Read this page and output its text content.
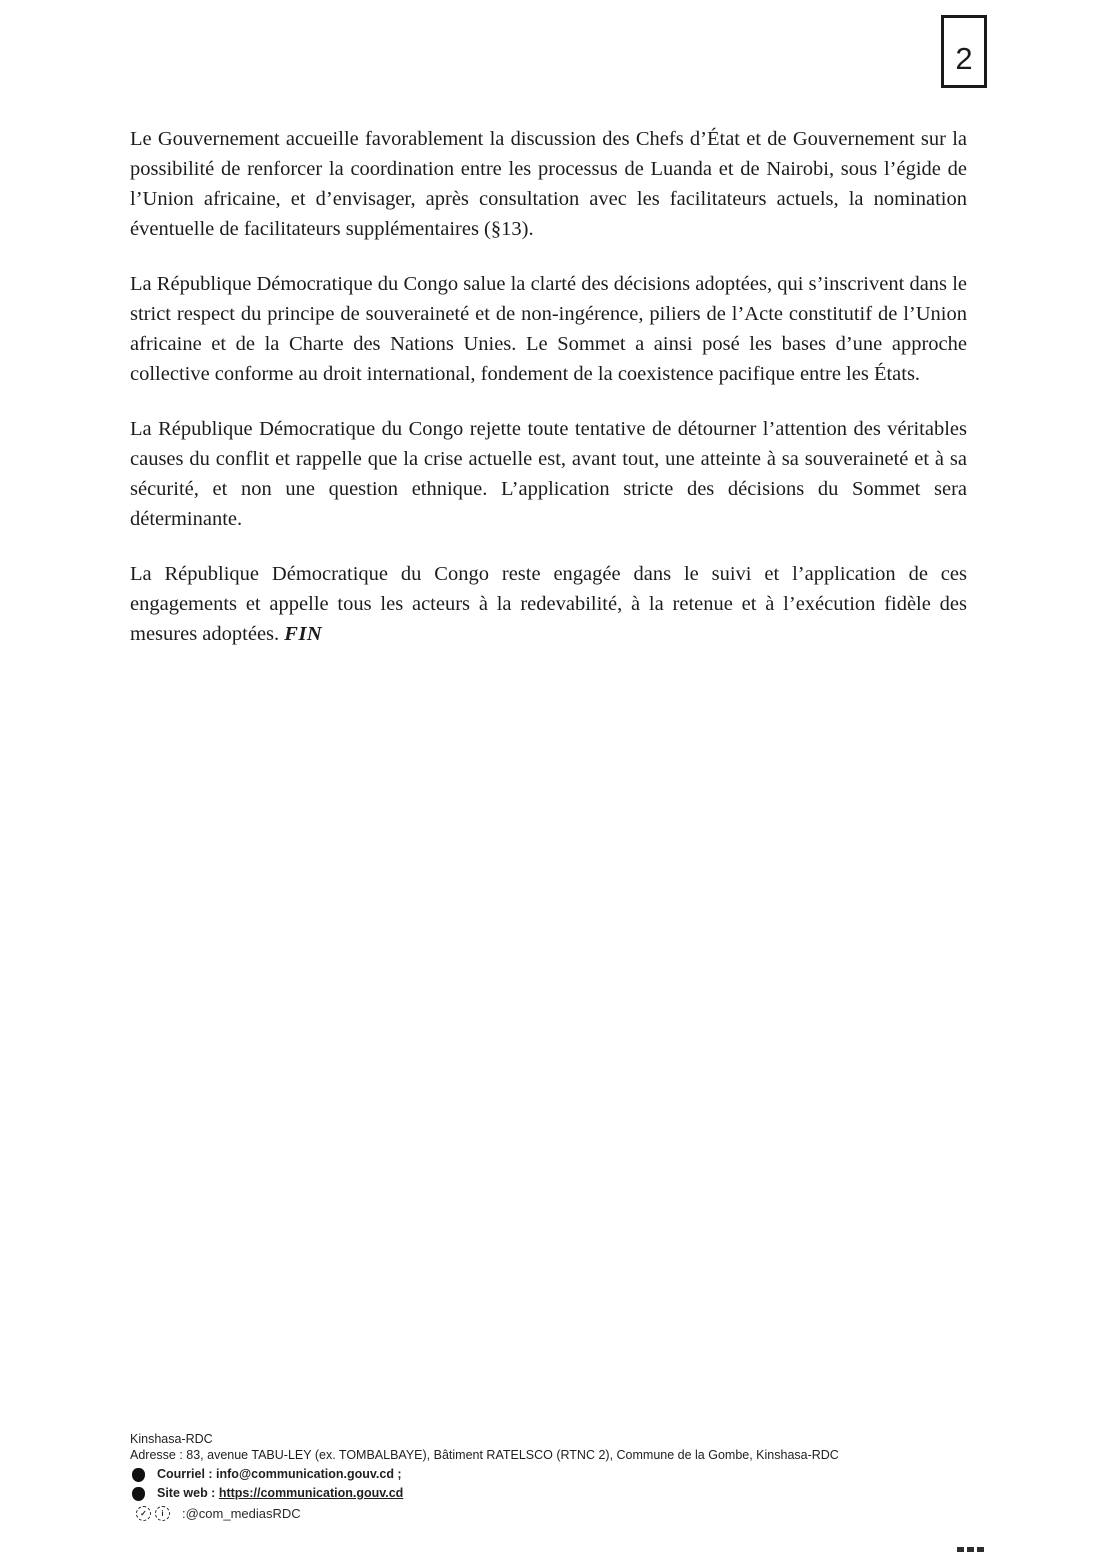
2

Le Gouvernement accueille favorablement la discussion des Chefs d’État et de Gouvernement sur la possibilité de renforcer la coordination entre les processus de Luanda et de Nairobi, sous l’égide de l’Union africaine, et d’envisager, après consultation avec les facilitateurs actuels, la nomination éventuelle de facilitateurs supplémentaires (§13).

La République Démocratique du Congo salue la clarté des décisions adoptées, qui s’inscrivent dans le strict respect du principe de souveraineté et de non-ingérence, piliers de l’Acte constitutif de l’Union africaine et de la Charte des Nations Unies. Le Sommet a ainsi posé les bases d’une approche collective conforme au droit international, fondement de la coexistence pacifique entre les États.

La République Démocratique du Congo rejette toute tentative de détourner l’attention des véritables causes du conflit et rappelle que la crise actuelle est, avant tout, une atteinte à sa souveraineté et à sa sécurité, et non une question ethnique. L’application stricte des décisions du Sommet sera déterminante.

La République Démocratique du Congo reste engagée dans le suivi et l’application de ces engagements et appelle tous les acteurs à la redevabilité, à la retenue et à l’exécution fidèle des mesures adoptées. FIN

Kinshasa-RDC
Adresse : 83, avenue TABU-LEY (ex. TOMBALBAYE), Bâtiment RATELSCO (RTNC 2), Commune de la Gombe, Kinshasa-RDC
Courriel : info@communication.gouv.cd ;
Site web : https://communication.gouv.cd
✓	i	:@com_mediasRDC
